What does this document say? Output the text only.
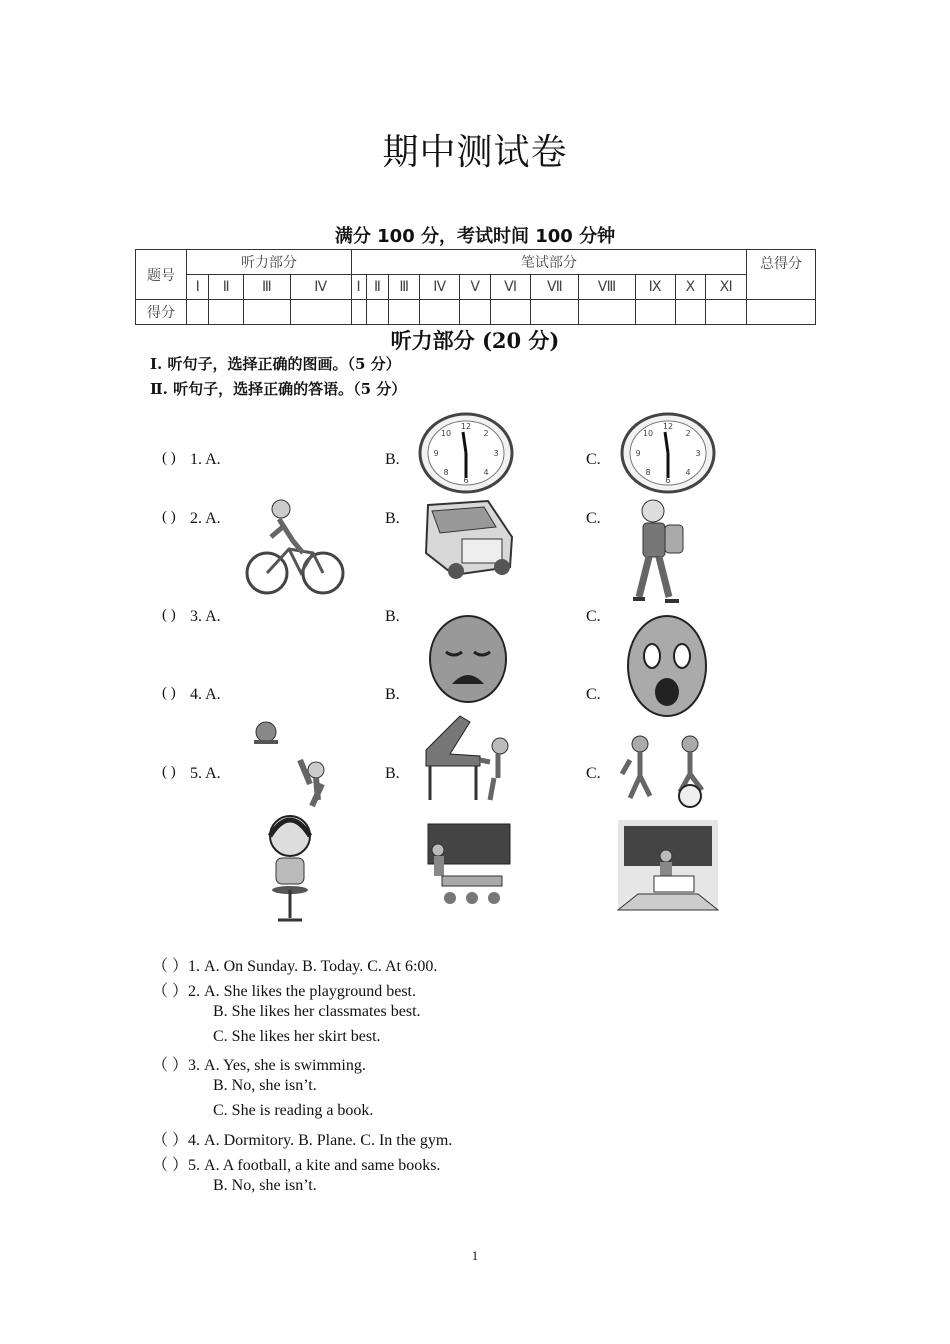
期中测试卷
满分 100 分，考试时间 100 分钟
题号	听力部分				笔试部分											总得分
	Ⅰ	Ⅱ	Ⅲ	Ⅳ	Ⅰ	Ⅱ	Ⅲ	Ⅳ	Ⅴ	Ⅵ	Ⅶ	Ⅷ	Ⅸ	Ⅹ	Ⅺ	
得分																
听力部分 (20 分)
Ⅰ. 听句子，选择正确的图画。（5 分）
Ⅱ. 听句子，选择正确的答语。（5 分）
( ) 1. A.	B.	C.
( ) 2. A.	B.	C.
( ) 3. A.	B.	C.
( ) 4. A.	B.	C.
( ) 5. A.	B.	C.
12
2
3
4
6
8
9
10
12
2
3
4
6
8
9
10
（ ）1. A. On Sunday. B. Today. C. At 6:00.
（ ）2. A. She likes the playground best.
B. She likes her classmates best.
C. She likes her skirt best.
（ ）3. A. Yes, she is swimming.
B. No, she isn’t.
C. She is reading a book.
（ ）4. A. Dormitory. B. Plane. C. In the gym.
（ ）5. A. A football, a kite and same books.
B. No, she isn’t.
1
